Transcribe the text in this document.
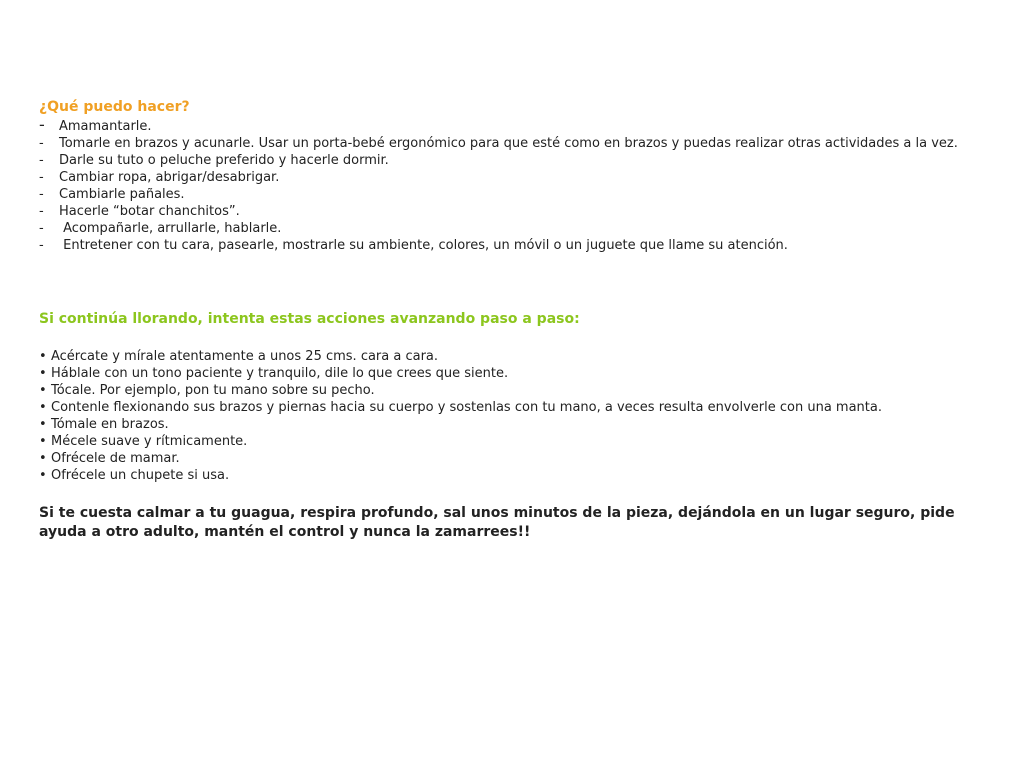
¿Qué puedo hacer?
- Amamantarle.
- Tomarle en brazos y acunarle. Usar un porta-bebé ergonómico para que esté como en brazos y puedas realizar otras actividades a la vez.
- Darle su tuto o peluche preferido y hacerle dormir.
- Cambiar ropa, abrigar/desabrigar.
- Cambiarle pañales.
- Hacerle “botar chanchitos”.
- Acompañarle, arrullarle, hablarle.
- Entretener con tu cara, pasearle, mostrarle su ambiente, colores, un móvil o un juguete que llame su atención.
Si continúa llorando, intenta estas acciones avanzando paso a paso:
• Acércate y mírale atentamente a unos 25 cms. cara a cara.
• Háblale con un tono paciente y tranquilo, dile lo que crees que siente.
• Tócale. Por ejemplo, pon tu mano sobre su pecho.
• Contenle flexionando sus brazos y piernas hacia su cuerpo y sostenlas con tu mano, a veces resulta envolverle con una manta.
• Tómale en brazos.
• Mécele suave y rítmicamente.
• Ofrécele de mamar.
• Ofrécele un chupete si usa.

Si te cuesta calmar a tu guagua, respira profundo, sal unos minutos de la pieza, dejándola en un lugar seguro, pide ayuda a otro adulto, mantén el control y nunca la zamarrees!!
